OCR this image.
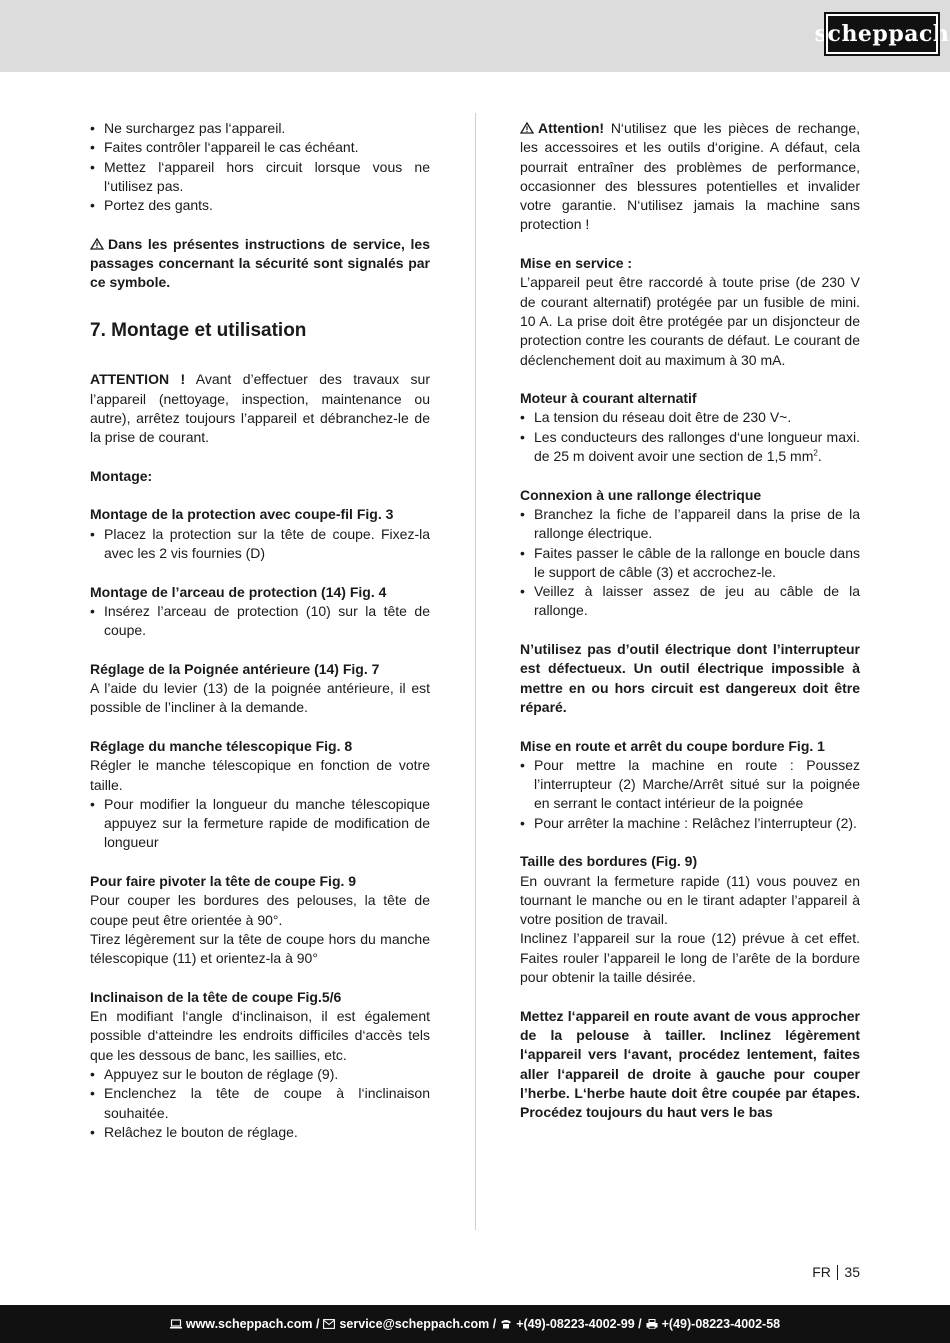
scheppach
• Ne surchargez pas l‘appareil.
• Faites contrôler l‘appareil le cas échéant.
• Mettez l‘appareil hors circuit lorsque vous ne l‘utilisez pas.
• Portez des gants.

Dans les présentes instructions de service, les passages concernant la sécurité sont signalés par ce symbole.

7. Montage et utilisation

ATTENTION ! Avant d’effectuer des travaux sur l’appareil (nettoyage, inspection, maintenance ou autre), arrêtez toujours l’appareil et débranchez-le de la prise de courant.

Montage:

Montage de la protection avec coupe-fil Fig. 3

• Placez la protection sur la tête de coupe. Fixez-la avec les 2 vis fournies (D)

Montage de l’arceau de protection (14) Fig. 4

• Insérez l’arceau de protection (10) sur la tête de coupe.

Réglage de la Poignée antérieure (14) Fig. 7

A l’aide du levier (13) de la poignée antérieure, il est possible de l’incliner à la demande.

Réglage du manche télescopique Fig. 8

Régler le manche télescopique en fonction de votre taille.

• Pour modifier la longueur du manche télescopique appuyez sur la fermeture rapide de modification de longueur

Pour faire pivoter la tête de coupe Fig. 9

Pour couper les bordures des pelouses, la tête de coupe peut être orientée à 90°.

Tirez légèrement sur la tête de coupe hors du manche télescopique (11) et orientez-la à 90°

Inclinaison de la tête de coupe Fig.5/6

En modifiant l‘angle d‘inclinaison, il est également possible d‘atteindre les endroits difficiles d‘accès tels que les dessous de banc, les saillies, etc.

• Appuyez sur le bouton de réglage (9).
• Enclenchez la tête de coupe à l‘inclinaison souhaitée.
• Relâchez le bouton de réglage.

Attention! N‘utilisez que les pièces de rechange, les accessoires et les outils d‘origine. A défaut, cela pourrait entraîner des problèmes de performance, occasionner des blessures potentielles et invalider votre garantie. N‘utilisez jamais la machine sans protection !

Mise en service :

L’appareil peut être raccordé à toute prise (de 230 V de courant alternatif) protégée par un fusible de mini. 10 A. La prise doit être protégée par un disjoncteur de protection contre les courants de défaut. Le courant de déclenchement doit au maximum à 30 mA.

Moteur à courant alternatif

• La tension du réseau doit être de 230 V~.
• Les conducteurs des rallonges d‘une longueur maxi. de 25 m doivent avoir une section de 1,5 $mm^2$.

Connexion à une rallonge électrique

• Branchez la fiche de l’appareil dans la prise de la rallonge électrique.
• Faites passer le câble de la rallonge en boucle dans le support de câble (3) et accrochez-le.
• Veillez à laisser assez de jeu au câble de la rallonge.

N’utilisez pas d’outil électrique dont l’interrupteur est défectueux. Un outil électrique impossible à mettre en ou hors circuit est dangereux doit être réparé.

Mise en route et arrêt du coupe bordure Fig. 1

• Pour mettre la machine en route : Poussez l’interrupteur (2) Marche/Arrêt situé sur la poignée en serrant le contact intérieur de la poignée
• Pour arrêter la machine : Relâchez l’interrupteur (2).

Taille des bordures (Fig. 9)

En ouvrant la fermeture rapide (11) vous pouvez en tournant le manche ou en le tirant adapter l’appareil à votre position de travail.

Inclinez l’appareil sur la roue (12) prévue à cet effet. Faites rouler l’appareil le long de l’arête de la bordure pour obtenir la taille désirée.

Mettez l‘appareil en route avant de vous approcher de la pelouse à tailler. Inclinez légèrement l‘appareil vers l‘avant, procédez lentement, faites aller l‘appareil de droite à gauche pour couper l’herbe. L‘herbe haute doit être coupée par étapes. Procédez toujours du haut vers le bas

FR 35
www.scheppach.com / service@scheppach.com / +(49)-08223-4002-99 / +(49)-08223-4002-58
